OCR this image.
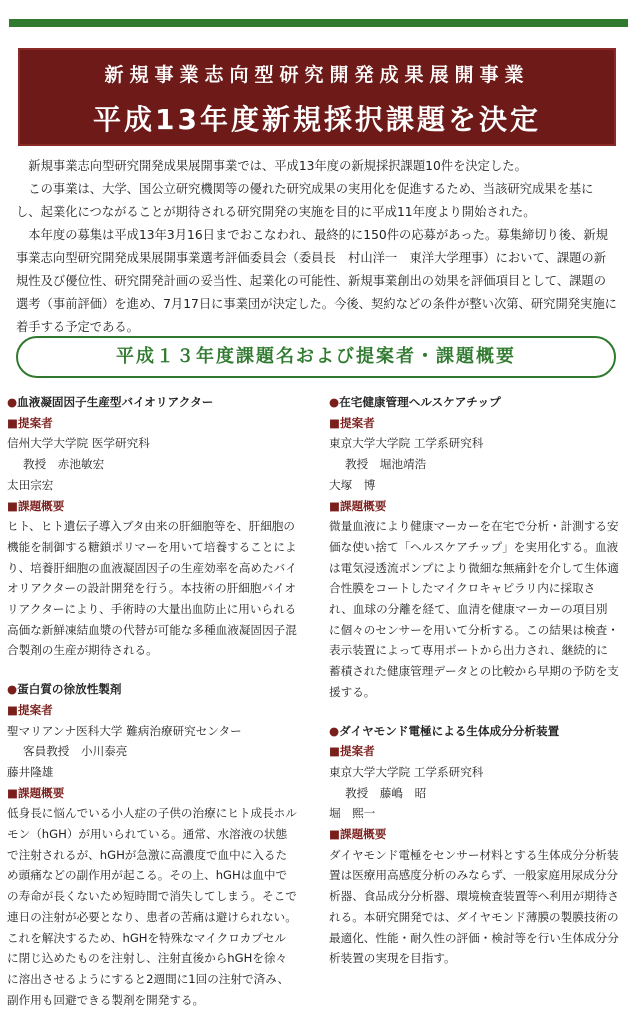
新規事業志向型研究開発成果展開事業
平成13年度新規採択課題を決定

新規事業志向型研究開発成果展開事業では、平成13年度の新規採択課題10件を決定した。

この事業は、大学、国公立研究機関等の優れた研究成果の実用化を促進するため、当該研究成果を基にし、起業化につながることが期待される研究開発の実施を目的に平成11年度より開始された。

本年度の募集は平成13年3月16日までおこなわれ、最終的に150件の応募があった。募集締切り後、新規事業志向型研究開発成果展開事業選考評価委員会（委員長　村山洋一　東洋大学理事）において、課題の新規性及び優位性、研究開発計画の妥当性、起業化の可能性、新規事業創出の効果を評価項目として、課題の選考（事前評価）を進め、7月17日に事業団が決定した。今後、契約などの条件が整い次第、研究開発実施に着手する予定である。

平成１３年度課題名および提案者・課題概要

●血液凝固因子生産型バイオリアクター

■提案者

信州大学大学院 医学研究科

教授　赤池敏宏

太田宗宏

■課題概要

ヒト、ヒト遺伝子導入ブタ由来の肝細胞等を、肝細胞の機能を制御する糖鎖ポリマーを用いて培養することにより、培養肝細胞の血液凝固因子の生産効率を高めたバイオリアクターの設計開発を行う。本技術の肝細胞バイオリアクターにより、手術時の大量出血防止に用いられる高価な新鮮凍結血漿の代替が可能な多種血液凝固因子混合製剤の生産が期待される。

●蛋白質の徐放性製剤

■提案者

聖マリアンナ医科大学 難病治療研究センター

客員教授　小川泰亮

藤井隆雄

■課題概要

低身長に悩んでいる小人症の子供の治療にヒト成長ホルモン（hGH）が用いられている。通常、水溶液の状態で注射されるが、hGHが急激に高濃度で血中に入るため頭痛などの副作用が起こる。その上、hGHは血中での寿命が長くないため短時間で消失してしまう。そこで連日の注射が必要となり、患者の苦痛は避けられない。これを解決するため、hGHを特殊なマイクロカプセルに閉じ込めたものを注射し、注射直後からhGHを徐々に溶出させるようにすると2週間に1回の注射で済み、副作用も回避できる製剤を開発する。

●在宅健康管理ヘルスケアチップ

■提案者

東京大学大学院 工学系研究科

教授　堀池靖浩

大塚　博

■課題概要

微量血液により健康マーカーを在宅で分析・計測する安価な使い捨て「ヘルスケアチップ」を実用化する。血液は電気浸透流ポンプにより微細な無痛針を介して生体適合性膜をコートしたマイクロキャピラリ内に採取され、血球の分離を経て、血清を健康マーカーの項目別に個々のセンサーを用いて分析する。この結果は検査・表示装置によって専用ポートから出力され、継続的に蓄積された健康管理データとの比較から早期の予防を支援する。

●ダイヤモンド電極による生体成分分析装置

■提案者

東京大学大学院 工学系研究科

教授　藤嶋　昭

堀　熙一

■課題概要

ダイヤモンド電極をセンサー材料とする生体成分分析装置は医療用高感度分析のみならず、一般家庭用尿成分分析器、食品成分分析器、環境検査装置等へ利用が期待される。本研究開発では、ダイヤモンド薄膜の製膜技術の最適化、性能・耐久性の評価・検討等を行い生体成分分析装置の実現を目指す。
